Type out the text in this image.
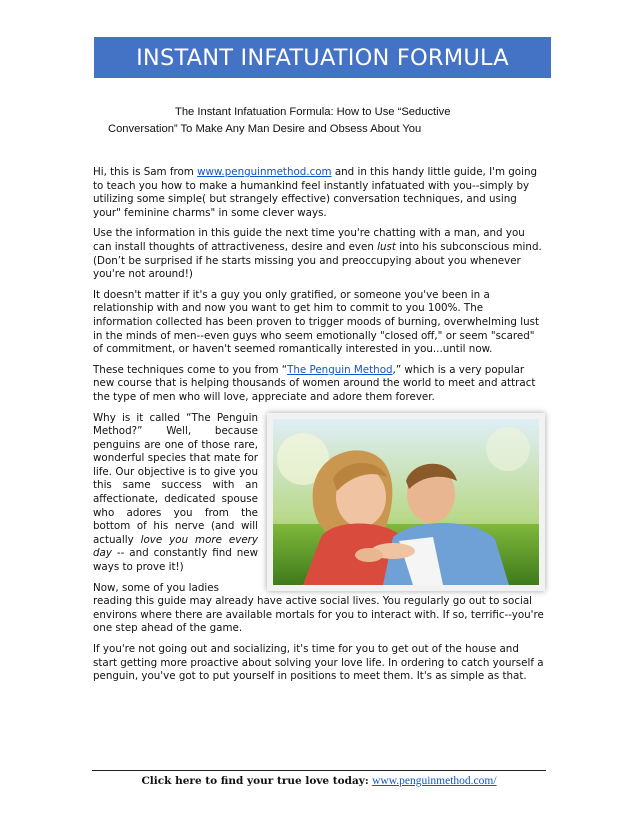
INSTANT INFATUATION FORMULA
The Instant Infatuation Formula: How to Use “Seductive
Conversation” To Make Any Man Desire and Obsess About You

Hi, this is Sam from www.penguinmethod.com and in this handy little guide, I'm going to teach you how to make a humankind feel instantly infatuated with you--simply by utilizing some simple( but strangely effective) conversation techniques, and using your" feminine charms" in some clever ways.

Use the information in this guide the next time you're chatting with a man, and you can install thoughts of attractiveness, desire and even lust into his subconscious mind. (Don’t be surprised if he starts missing you and preoccupying about you whenever you're not around!)

It doesn't matter if it's a guy you only gratified, or someone you've been in a relationship with and now you want to get him to commit to you 100%. The information collected has been proven to trigger moods of burning, overwhelming lust in the minds of men--even guys who seem emotionally "closed off," or seem "scared" of commitment, or haven't seemed romantically interested in you...until now.

These techniques come to you from “The Penguin Method,” which is a very popular new course that is helping thousands of women around the world to meet and attract the type of men who will love, appreciate and adore them forever.

Why is it called “The Penguin Method?” Well, because penguins are one of those rare, wonderful species that mate for life. Our objective is to give you this same success with an affectionate, dedicated spouse who adores you from the bottom of his nerve (and will actually love you more every day -- and constantly find new ways to prove it!)

Now, some of you ladies reading this guide may already have active social lives. You regularly go out to social environs where there are available mortals for you to interact with. If so, terrific--you're one step ahead of the game.

If you're not going out and socializing, it's time for you to get out of the house and start getting more proactive about solving your love life. In ordering to catch yourself a penguin, you've got to put yourself in positions to meet them. It's as simple as that.

Click here to find your true love today: www.penguinmethod.com/
